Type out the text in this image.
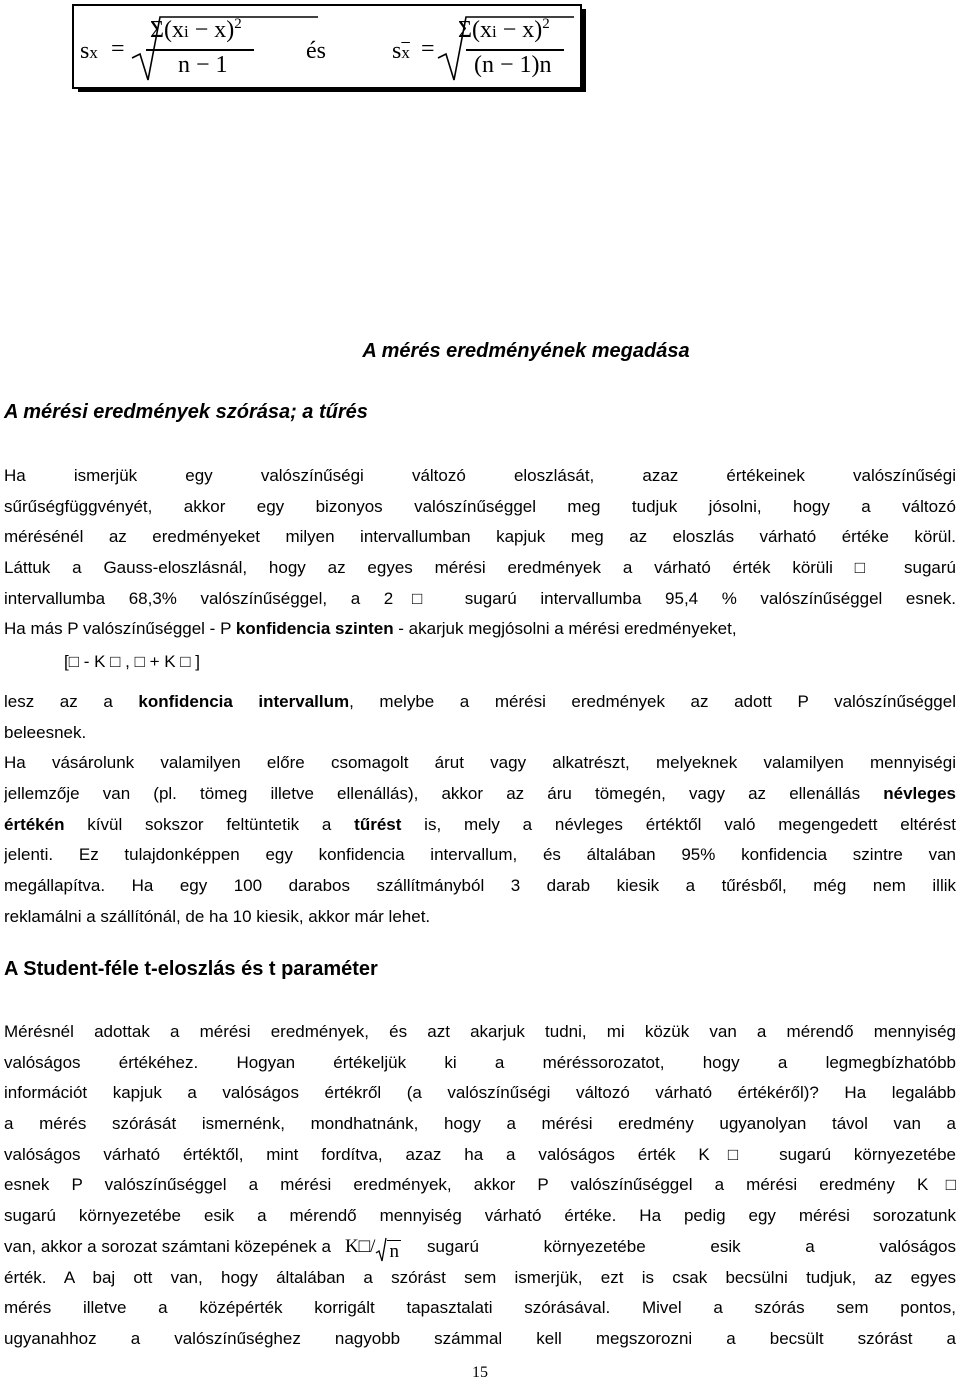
sx =
Σ(xi − x)$^2$
n − 1
és	$s\overline{x}$ =
Σ(xi − x)$^2$
(n − 1)n
A mérés eredményének megadása
A mérési eredmények szórása; a tűrés
Ha ismerjük egy valószínűségi változó eloszlását, azaz értékeinek valószínűségi
sűrűségfüggvényét, akkor egy bizonyos valószínűséggel meg tudjuk jósolni, hogy a változó
mérésénél az eredményeket milyen intervallumban kapjuk meg az eloszlás várható értéke körül.
Láttuk a Gauss-eloszlásnál, hogy az egyes mérési eredmények a várható érték körüli □ sugarú
intervallumba 68,3% valószínűséggel, a 2□ sugarú intervallumba 95,4 % valószínűséggel esnek.
Ha más P valószínűséggel - P konfidencia szinten - akarjuk megjósolni a mérési eredményeket,
[□ - K □ , □ + K □ ]
lesz az a konfidencia intervallum, melybe a mérési eredmények az adott P valószínűséggel
beleesnek.
Ha vásárolunk valamilyen előre csomagolt árut vagy alkatrészt, melyeknek valamilyen mennyiségi
jellemzője van (pl. tömeg illetve ellenállás), akkor az áru tömegén, vagy az ellenállás névleges
értékén kívül sokszor feltüntetik a tűrést is, mely a névleges értéktől való megengedett eltérést
jelenti. Ez tulajdonképpen egy konfidencia intervallum, és általában 95% konfidencia szintre van
megállapítva. Ha egy 100 darabos szállítmányból 3 darab kiesik a tűrésből, még nem illik
reklamálni a szállítónál, de ha 10 kiesik, akkor már lehet.
A Student-féle t-eloszlás és t paraméter
Mérésnél adottak a mérési eredmények, és azt akarjuk tudni, mi közük van a mérendő mennyiség
valóságos értékéhez. Hogyan értékeljük ki a méréssorozatot, hogy a legmegbízhatóbb
információt kapjuk a valóságos értékről (a valószínűségi változó várható értékéről)? Ha legalább
a mérés szórását ismernénk, mondhatnánk, hogy a mérési eredmény ugyanolyan távol van a
valóságos várható értéktől, mint fordítva, azaz ha a valóságos érték K□ sugarú környezetébe
esnek P valószínűséggel a mérési eredmények, akkor P valószínűséggel a mérési eredmény K□
sugarú környezetébe esik a mérendő mennyiség várható értéke. Ha pedig egy mérési sorozatunk
van, akkor a sorozat számtani közepének a K□/ n sugarú környezetébe esik a valóságos
érték. A baj ott van, hogy általában a szórást sem ismerjük, ezt is csak becsülni tudjuk, az egyes
mérés illetve a középérték korrigált tapasztalati szórásával. Mivel a szórás sem pontos,
ugyanahhoz a valószínűséghez nagyobb számmal kell megszorozni a becsült szórást a
15
